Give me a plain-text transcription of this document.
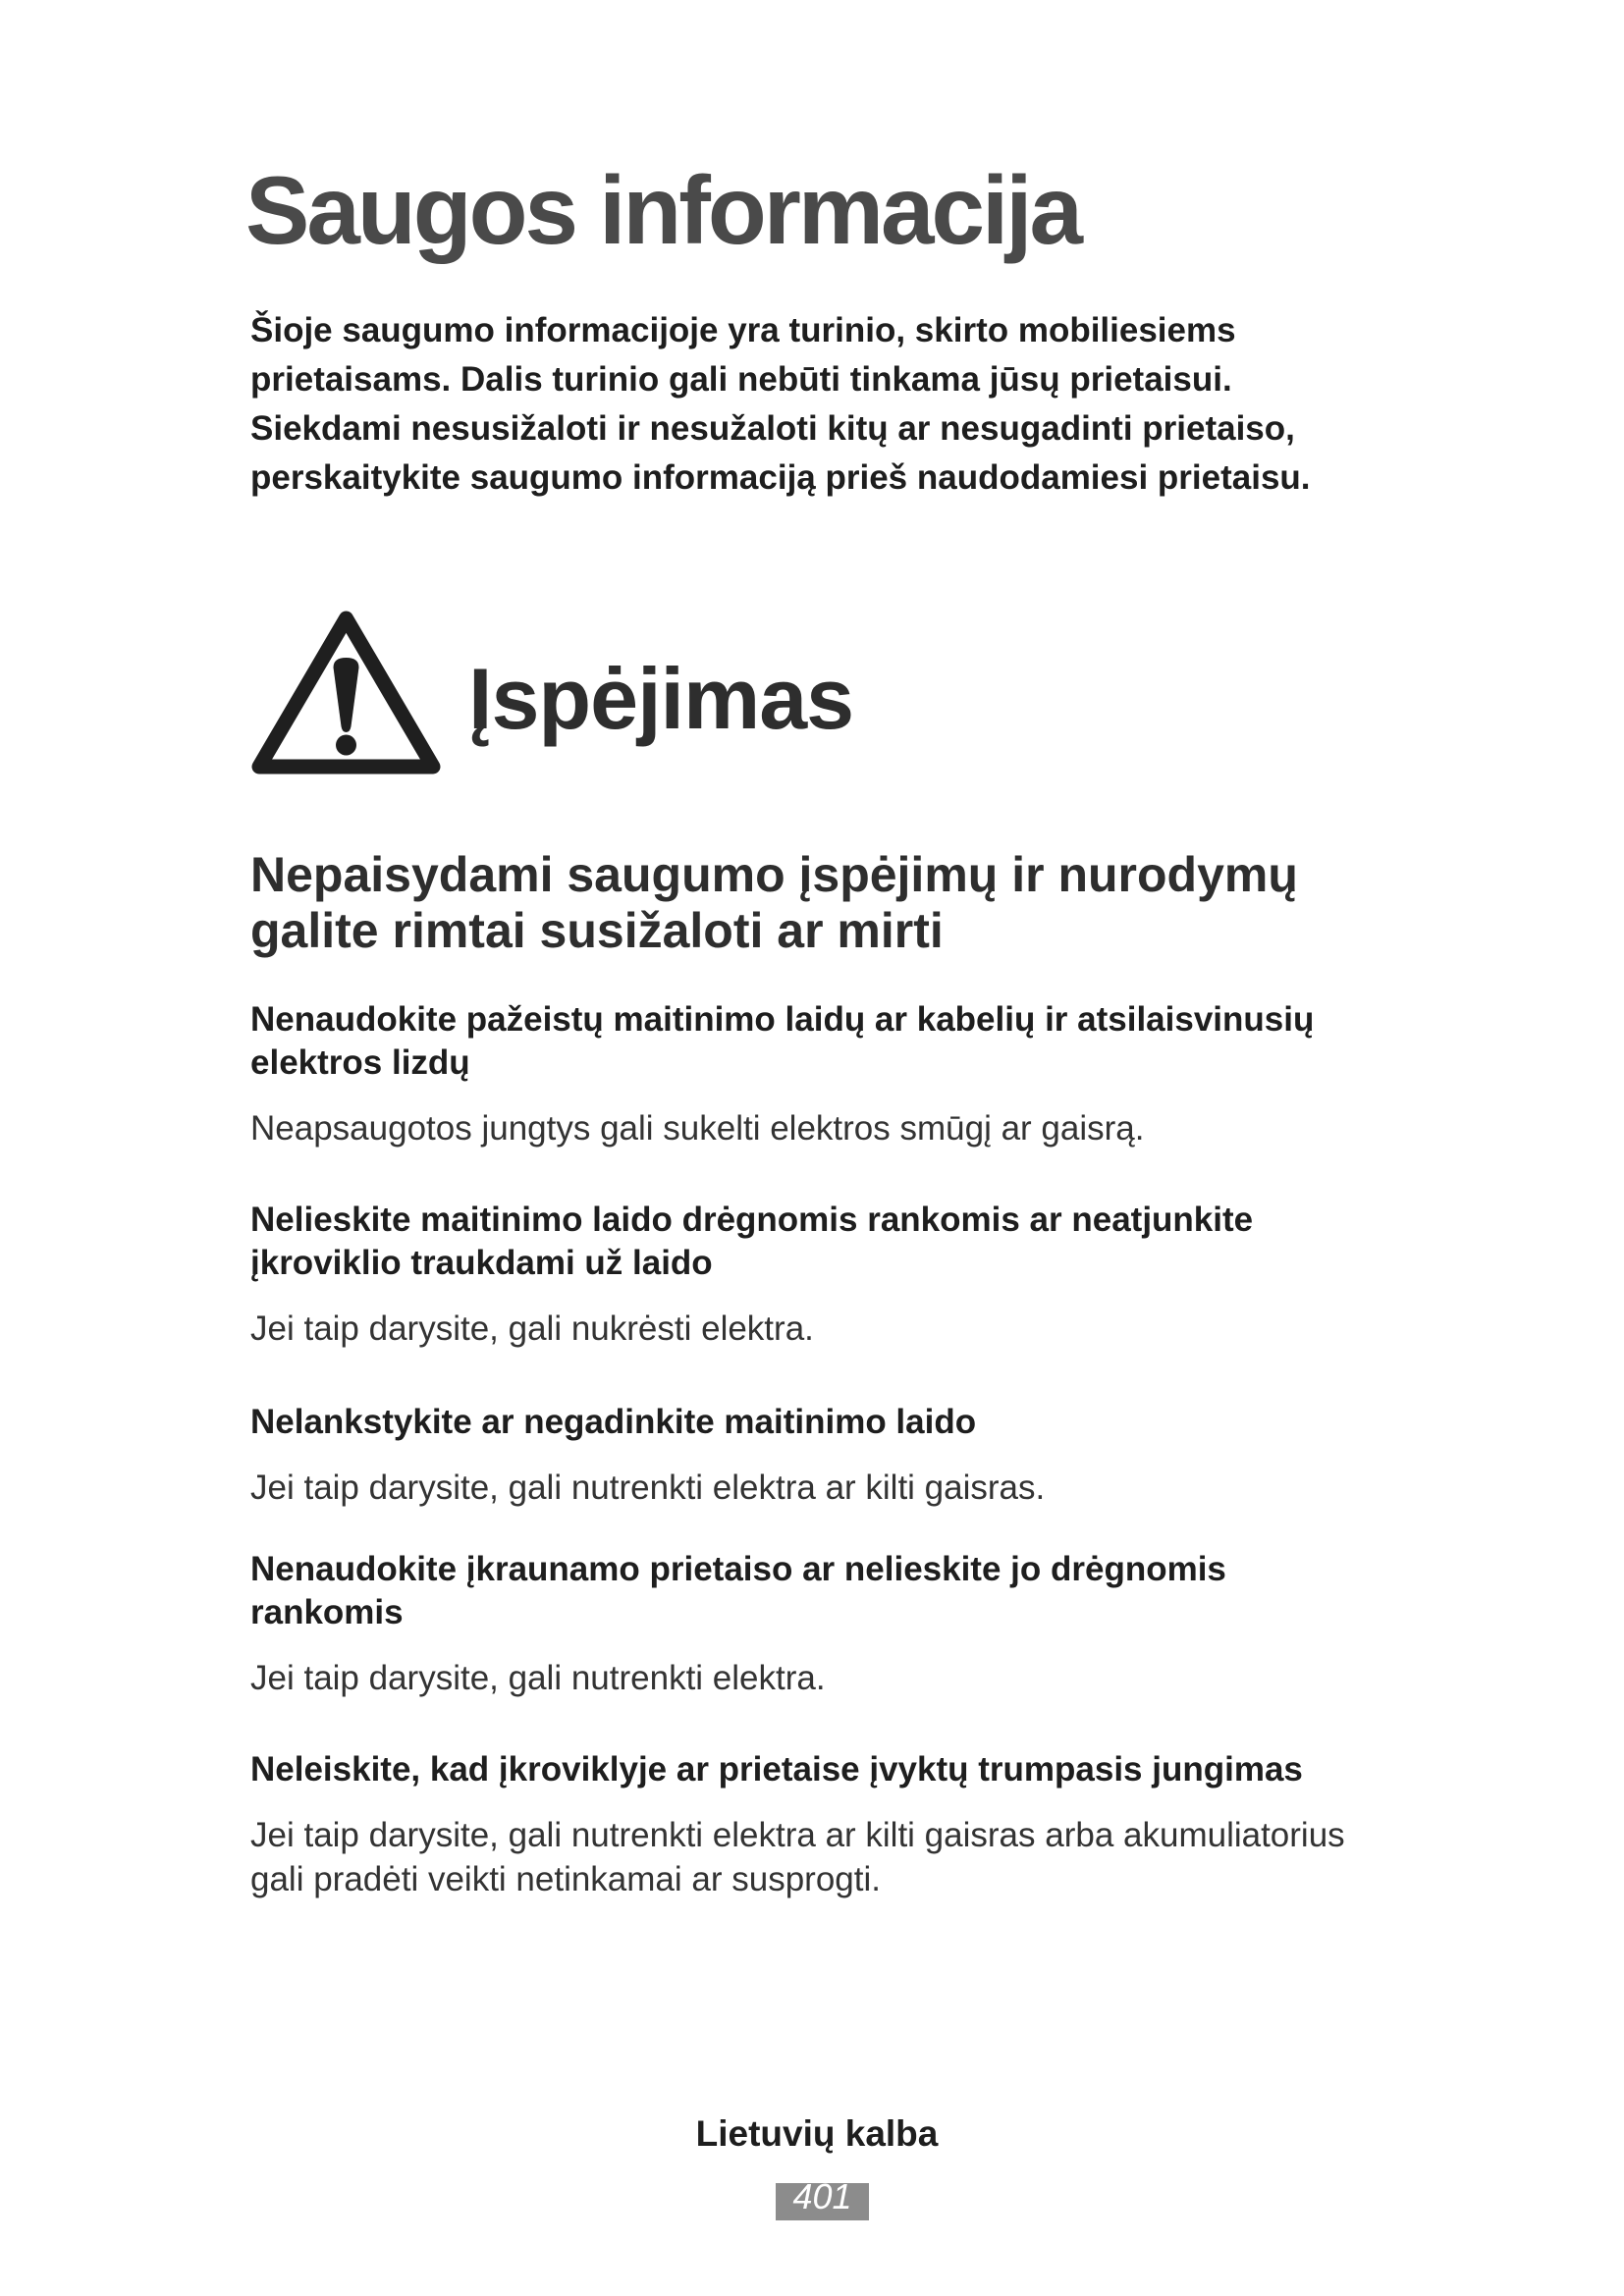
Saugos informacija
Šioje saugumo informacijoje yra turinio, skirto mobiliesiems
prietaisams. Dalis turinio gali nebūti tinkama jūsų prietaisui.
Siekdami nesusižaloti ir nesužaloti kitų ar nesugadinti prietaiso,
perskaitykite saugumo informaciją prieš naudodamiesi prietaisu.
Įspėjimas
Nepaisydami saugumo įspėjimų ir nurodymų
galite rimtai susižaloti ar mirti
Nenaudokite pažeistų maitinimo laidų ar kabelių ir atsilaisvinusių
elektros lizdų
Neapsaugotos jungtys gali sukelti elektros smūgį ar gaisrą.
Nelieskite maitinimo laido drėgnomis rankomis ar neatjunkite
įkroviklio traukdami už laido
Jei taip darysite, gali nukrėsti elektra.
Nelankstykite ar negadinkite maitinimo laido
Jei taip darysite, gali nutrenkti elektra ar kilti gaisras.
Nenaudokite įkraunamo prietaiso ar nelieskite jo drėgnomis
rankomis
Jei taip darysite, gali nutrenkti elektra.
Neleiskite, kad įkroviklyje ar prietaise įvyktų trumpasis jungimas
Jei taip darysite, gali nutrenkti elektra ar kilti gaisras arba akumuliatorius
gali pradėti veikti netinkamai ar susprogti.
Lietuvių kalba
401
